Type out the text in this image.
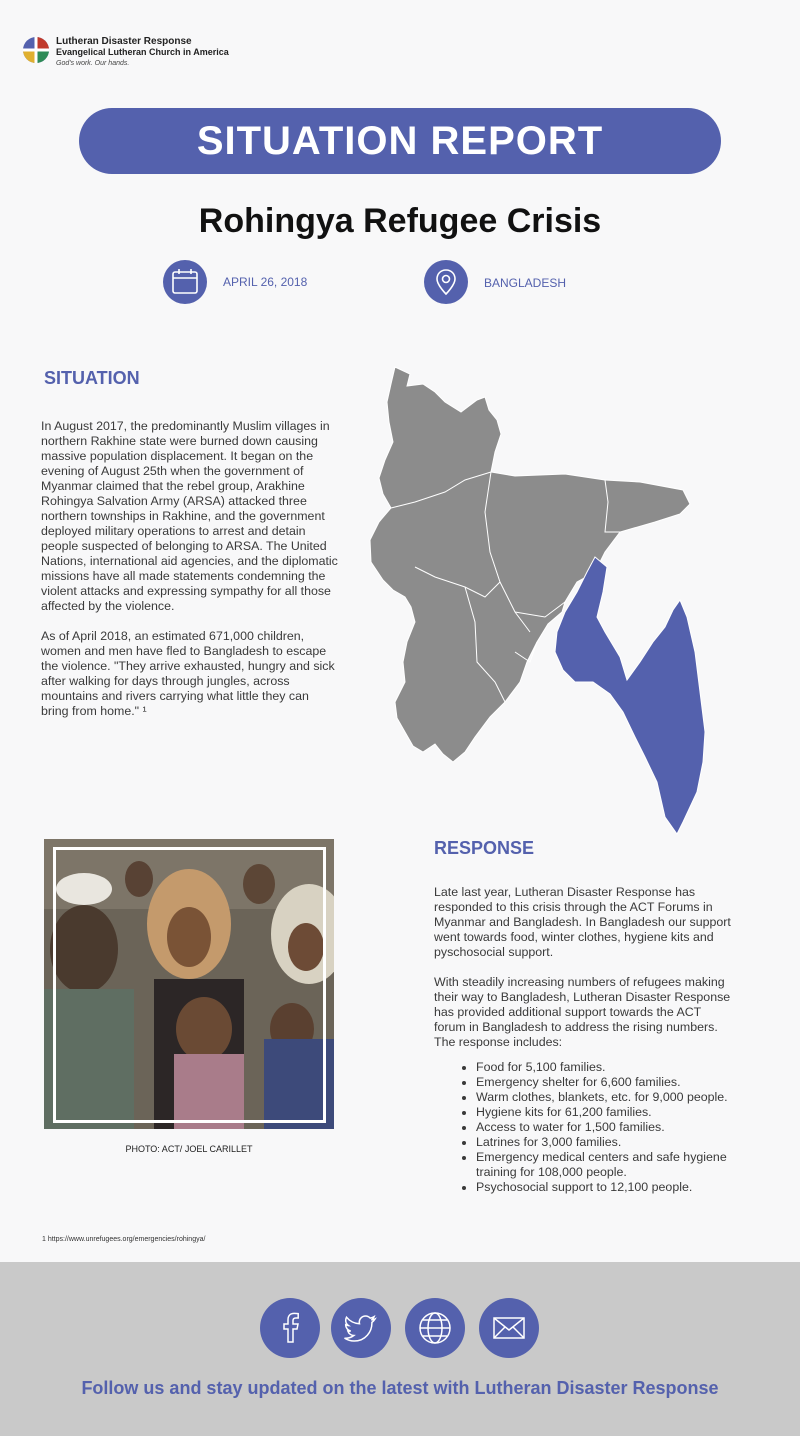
Lutheran Disaster Response
Evangelical Lutheran Church in America
God's work. Our hands.
SITUATION REPORT
Rohingya Refugee Crisis
APRIL 26, 2018	BANGLADESH
SITUATION

In August 2017, the predominantly Muslim villages in northern Rakhine state were burned down causing massive population displacement. It began on the evening of August 25th when the government of Myanmar claimed that the rebel group, Arakhine Rohingya Salvation Army (ARSA) attacked three northern townships in Rakhine, and the government deployed military operations to arrest and detain people suspected of belonging to ARSA. The United Nations, international aid agencies, and the diplomatic missions have all made statements condemning the violent attacks and expressing sympathy for all those affected by the violence.

As of April 2018, an estimated 671,000 children, women and men have fled to Bangladesh to escape the violence. "They arrive exhausted, hungry and sick after walking for days through jungles, across mountains and rivers carrying what little they can bring from home." ¹

PHOTO: ACT/ JOEL CARILLET
RESPONSE

Late last year, Lutheran Disaster Response has responded to this crisis through the ACT Forums in Myanmar and Bangladesh. In Bangladesh our support went towards food, winter clothes, hygiene kits and pyschosocial support.

With steadily increasing numbers of refugees making their way to Bangladesh, Lutheran Disaster Response has provided additional support towards the ACT forum in Bangladesh to address the rising numbers. The response includes:

• Food for 5,100 families.
• Emergency shelter for 6,600 families.
• Warm clothes, blankets, etc. for 9,000 people.
• Hygiene kits for 61,200 families.
• Access to water for 1,500 families.
• Latrines for 3,000 families.
• Emergency medical centers and safe hygiene training for 108,000 people.
• Psychosocial support to 12,100 people.
1 https://www.unrefugees.org/emergencies/rohingya/
Follow us and stay updated on the latest with Lutheran Disaster Response
